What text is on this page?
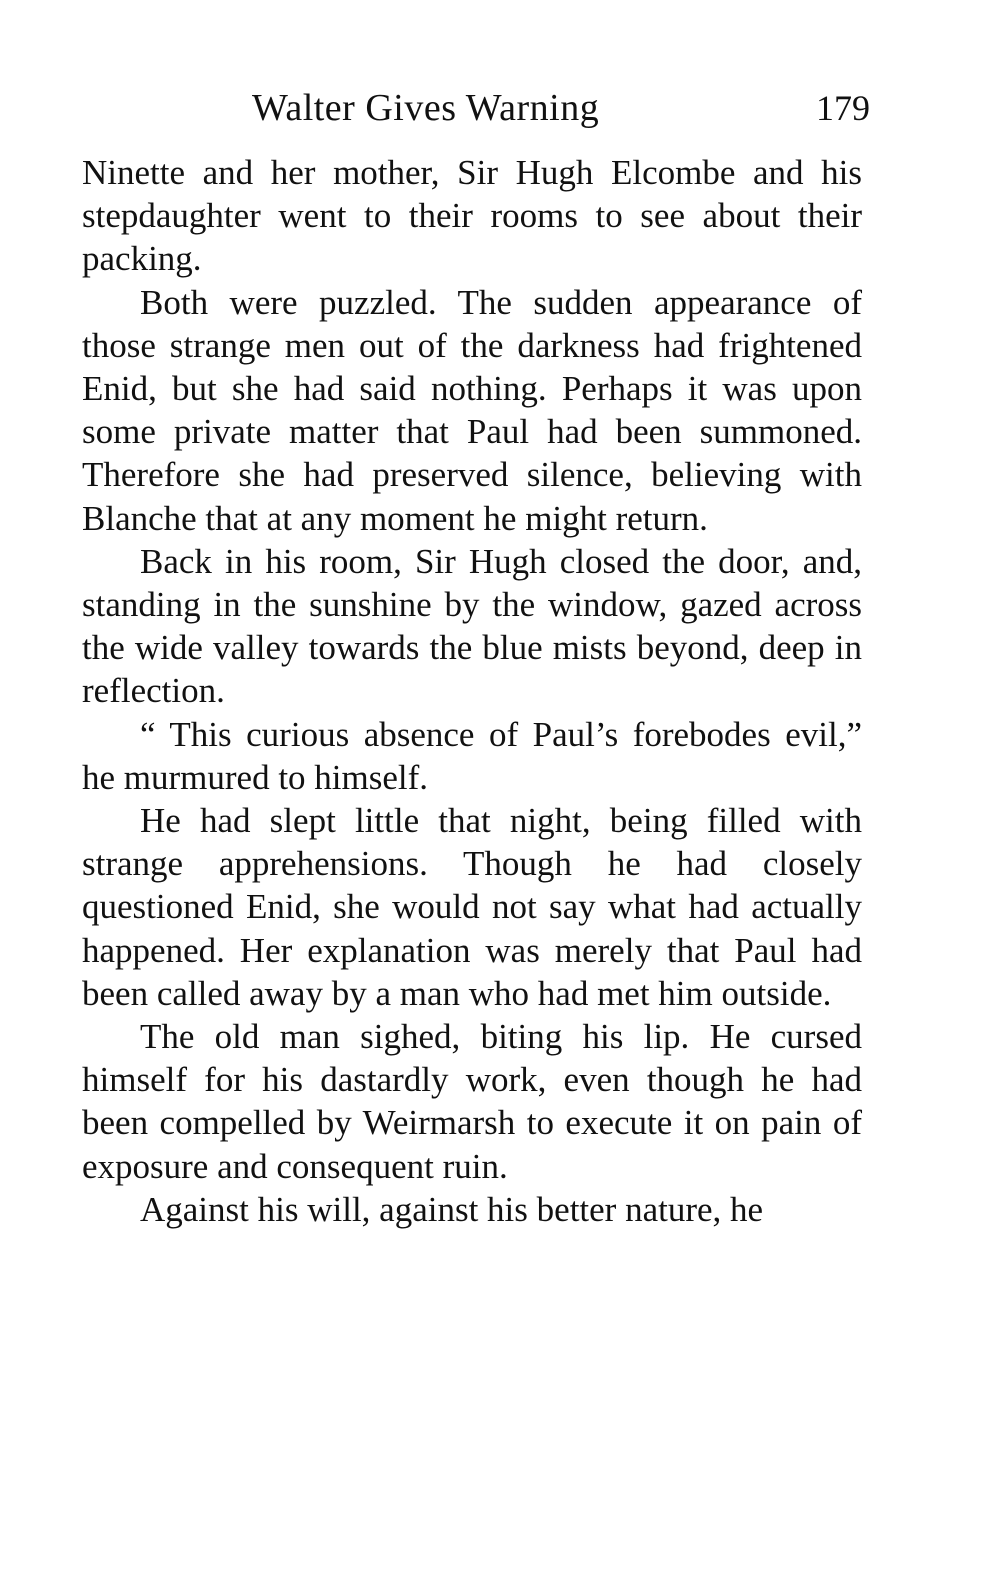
Walter Gives Warning	179

Ninette and her mother, Sir Hugh Elcombe and his stepdaughter went to their rooms to see about their packing.

Both were puzzled. The sudden appearance of those strange men out of the darkness had frightened Enid, but she had said nothing. Perhaps it was upon some private matter that Paul had been summoned. Therefore she had preserved silence, believing with Blanche that at any moment he might return.

Back in his room, Sir Hugh closed the door, and, standing in the sunshine by the window, gazed across the wide valley towards the blue mists beyond, deep in reflection.

“ This curious absence of Paul’s forebodes evil,” he murmured to himself.

He had slept little that night, being filled with strange apprehensions. Though he had closely questioned Enid, she would not say what had actually happened. Her explanation was merely that Paul had been called away by a man who had met him outside.

The old man sighed, biting his lip. He cursed himself for his dastardly work, even though he had been compelled by Weirmarsh to execute it on pain of exposure and consequent ruin.

Against his will, against his better nature, he
